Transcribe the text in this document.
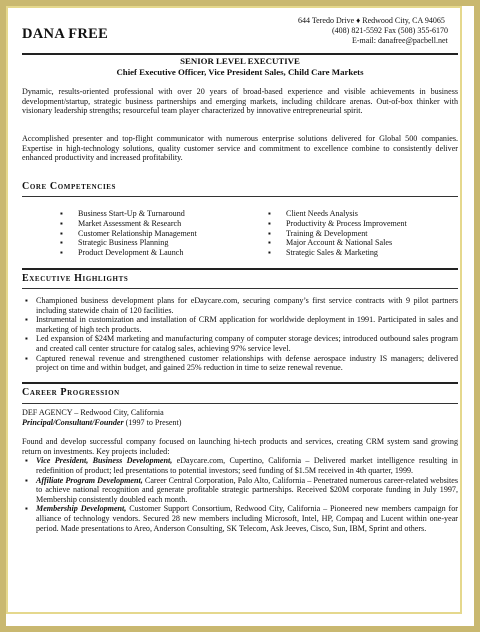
DANA FREE
644 Teredo Drive ♦ Redwood City, CA 94065
(408) 821-5592 Fax (508) 355-6170
E-mail: danafree@pacbell.net
SENIOR LEVEL EXECUTIVE
Chief Executive Officer, Vice President Sales, Child Care Markets
Dynamic, results-oriented professional with over 20 years of broad-based experience and visible achievements in business development/startup, strategic business partnerships and emerging markets, including childcare arenas. Out-of-box thinker with visionary leadership strengths; resourceful team player characterized by innovative entrepreneurial spirit.
Accomplished presenter and top-flight communicator with numerous enterprise solutions delivered for Global 500 companies. Expertise in high-technology solutions, quality customer service and commitment to excellence combine to consistently deliver enhanced productivity and increased profitability.
Core Competencies
▪ Business Start-Up & Turnaround
▪ Market Assessment & Research
▪ Customer Relationship Management
▪ Strategic Business Planning
▪ Product Development & Launch
▪ Client Needs Analysis
▪ Productivity & Process Improvement
▪ Training & Development
▪ Major Account & National Sales
▪ Strategic Sales & Marketing
Executive Highlights
▪ Championed business development plans for eDaycare.com, securing company’s first service contracts with 9 pilot partners including statewide chain of 120 facilities.
▪ Instrumental in customization and installation of CRM application for worldwide deployment in 1991. Participated in sales and marketing of high tech products.
▪ Led expansion of $24M marketing and manufacturing company of computer storage devices; introduced outbound sales program and created call center structure for catalog sales, achieving 97% service level.
▪ Captured renewal revenue and strengthened customer relationships with defense aerospace industry IS managers; delivered project on time and within budget, and gained 25% reduction in time to seize renewal revenue.
Career Progression
DEF AGENCY – Redwood City, California
Principal/Consultant/Founder (1997 to Present)
Found and develop successful company focused on launching hi-tech products and services, creating CRM system sand growing return on investments. Key projects included:
▪ Vice President, Business Development, eDaycare.com, Cupertino, California – Delivered market intelligence resulting in redefinition of product; led presentations to potential investors; seed funding of $1.5M received in 4th quarter, 1999.
▪ Affiliate Program Development, Career Central Corporation, Palo Alto, California – Penetrated numerous career-related websites to achieve national recognition and generate profitable strategic partnerships. Received $20M corporate funding in July 1997, Membership consistently doubled each month.
▪ Membership Development, Customer Support Consortium, Redwood City, California – Pioneered new members campaign for alliance of technology vendors. Secured 28 new members including Microsoft, Intel, HP, Compaq and Lucent within one-year period. Made presentations to Areo, Anderson Consulting, SK Telecom, Ask Jeeves, Cisco, Sun, IBM, Sprint and others.
